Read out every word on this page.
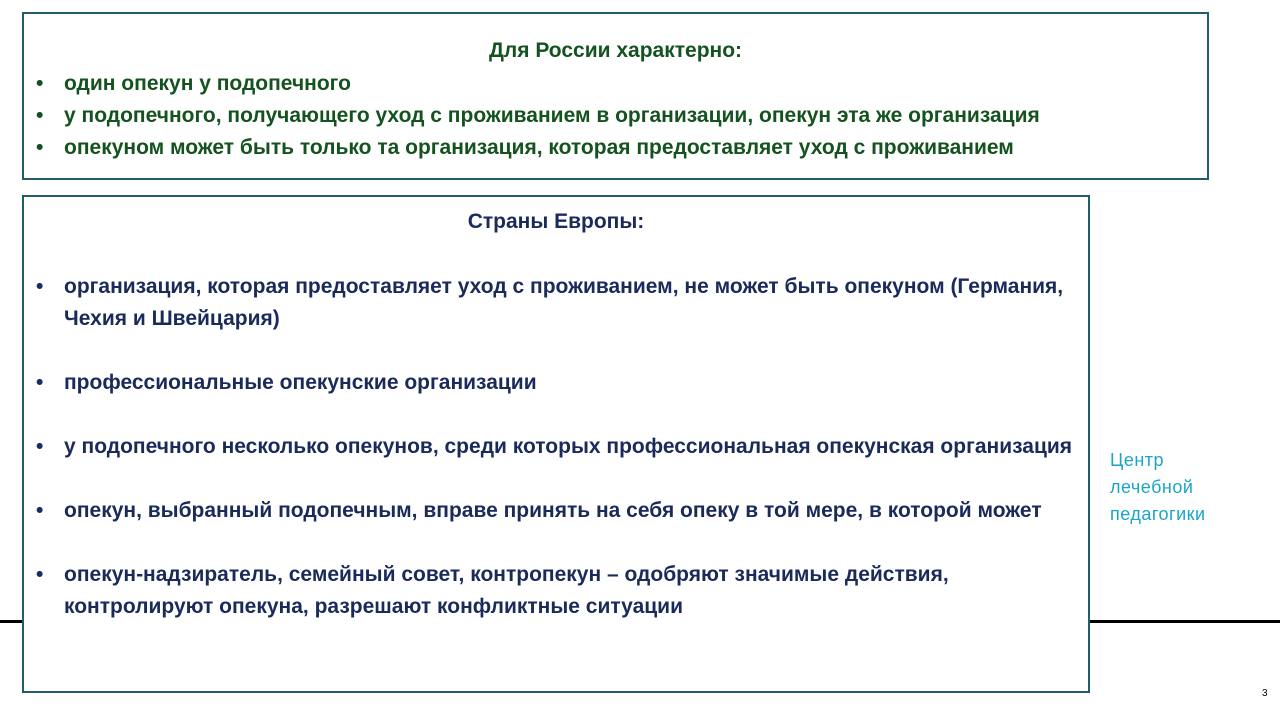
Для России характерно:
• один опекун у подопечного
• у подопечного, получающего уход с проживанием в организации, опекун эта же организация
• опекуном может быть только та организация, которая предоставляет уход с проживанием
Страны Европы:
• организация, которая предоставляет уход с проживанием, не может быть опекуном (Германия, Чехия и Швейцария)
• профессиональные опекунские организации
• у подопечного несколько опекунов, среди которых профессиональная опекунская организация
• опекун, выбранный подопечным, вправе принять на себя опеку в той мере, в которой может
• опекун-надзиратель, семейный совет, контропекун – одобряют значимые действия, контролируют опекуна, разрешают конфликтные ситуации
Центр
лечебной
педагогики
3
